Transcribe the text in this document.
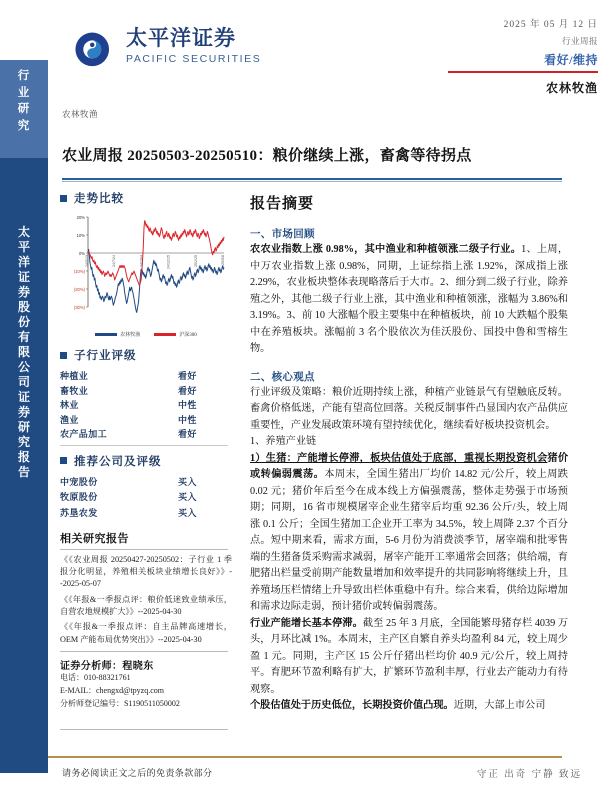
行
业
研
究
太
平
洋
证
券
股
份
有
限
公
司
证
券
研
究
报
告
太平洋证券
PACIFIC SECURITIES
农林牧渔
2025 年 05 月 12 日
行业周报
看好/维持
农林牧渔
农业周报 20250503-20250510：粮价继续上涨，畜禽等待拐点
走势比较
20%
10%
0%
(10%)
(20%)
(30%)
24/5/13	24/7/24	24/10/4	24/12/15	25/2/25	25/5/8
农林牧渔	沪深300
子行业评级
种植业	看好
畜牧业	看好
林业	中性
渔业	中性
农产品加工	看好
推荐公司及评级
中宠股份	买入
牧原股份	买入
苏垦农发	买入
相关研究报告
《《农业周报 20250427-20250502：子行业 1 季报分化明显，养殖相关板块业绩增长良好》》--2025-05-07
《《年报&一季报点评：粮价低迷致业绩承压，自营农地规模扩大》》--2025-04-30
《《年报&一季报点评：自主品牌高速增长，OEM 产能布局优势突出》》--2025-04-30
证券分析师：程晓东
电话：010-88321761
E-MAIL：chengxd@tpyzq.com
分析师登记编号：S1190511050002
报告摘要
一、市场回顾
农农业指数上涨 0.98%，其中渔业和种植领涨二级子行业。1、上周，中万农业指数上涨 0.98%，同期，上证综指上涨 1.92%，深成指上涨 2.29%，农业板块整体表现略落后于大市。2、细分到二级子行业，除养殖之外，其他二级子行业上涨，其中渔业和种植领涨，涨幅为 3.86%和 3.19%。3、前 10 大涨幅个股主要集中在种植板块，前 10 大跌幅个股集中在养殖板块。涨幅前 3 名个股依次为佳沃股份、国投中鲁和雪榕生物。
二、核心观点
行业评级及策略：粮价近期持续上涨，种植产业链景气有望触底反转。畜禽价格低迷，产能有望高位回落。关税反制事件凸显国内农产品供应重要性，产业发展政策环境有望持续优化，继续看好板块投资机会。
1、养殖产业链
1）生猪：产能增长停滞，板块估值处于底部，重视长期投资机会猪价或转偏弱震荡。本周末，全国生猪出厂均价 14.82 元/公斤，较上周跌 0.02 元；猪价年后至今在成本线上方偏强震荡，整体走势强于市场预期；同期，16 省市规模屠宰企业生猪宰后均重 92.36 公斤/头，较上周涨 0.1 公斤；全国生猪加工企业开工率为 34.5%，较上周降 2.37 个百分点。短中期来看，需求方面，5-6 月份为消费淡季节，屠宰端和批零售端的生猪备货采购需求减弱，屠宰产能开工率通常会回落；供给端，育肥猪出栏量受前期产能数量增加和效率提升的共同影响将继续上升，且养殖场压栏情绪上升导致出栏体重稳中有升。综合来看，供给边际增加和需求边际走弱，预计猪价或转偏弱震荡。
行业产能增长基本停滞。截至 25 年 3 月底，全国能繁母猪存栏 4039 万头，月环比减 1%。本周末，主产区自繁自养头均盈利 84 元，较上周少盈 1 元。同期，主产区 15 公斤仔猪出栏均价 40.9 元/公斤，较上周持平。育肥环节盈利略有扩大，扩繁环节盈利丰厚，行业去产能动力有待观察。
个股估值处于历史低位，长期投资价值凸现。近期，大部上市公司
请务必阅读正文之后的免责条款部分	守正 出奇 宁静 致远
